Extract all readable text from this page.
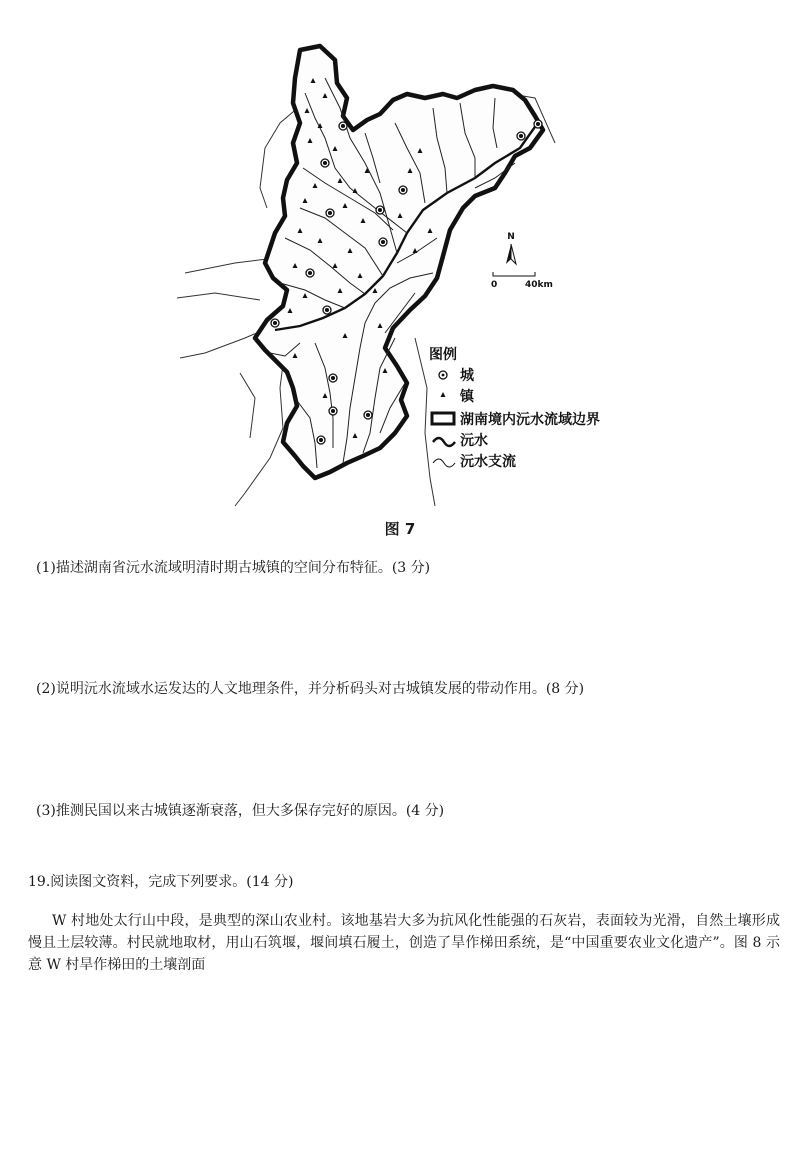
N
0	40km
图例
城
镇
湖南境内沅水流域边界
沅水
沅水支流
图 7
(1)描述湖南省沅水流域明清时期古城镇的空间分布特征。(3 分)
(2)说明沅水流域水运发达的人文地理条件，并分析码头对古城镇发展的带动作用。(8 分)
(3)推测民国以来古城镇逐渐衰落，但大多保存完好的原因。(4 分)
19.阅读图文资料，完成下列要求。(14 分)
W 村地处太行山中段，是典型的深山农业村。该地基岩大多为抗风化性能强的石灰岩，表面较为光滑，自然土壤形成慢且土层较薄。村民就地取材，用山石筑堰，堰间填石履土，创造了旱作梯田系统，是“中国重要农业文化遗产”。图 8 示意 W 村旱作梯田的土壤剖面
